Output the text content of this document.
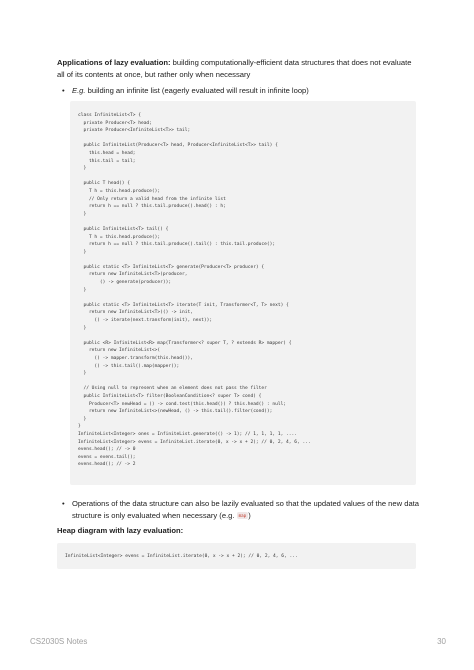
Applications of lazy evaluation: building computationally-efficient data structures that does not evaluate all of its contents at once, but rather only when necessary
• E.g. building an infinite list (eagerly evaluated will result in infinite loop)

class InfiniteList<T> {
private Producer<T> head;
private Producer<InfiniteList<T>> tail;

public InfiniteList(Producer<T> head, Producer<InfiniteList<T>> tail) {
this.head = head;
this.tail = tail;
}

public T head() {
T h = this.head.produce();
// Only return a valid head from the infinite list
return h == null ? this.tail.produce().head() : h;
}

public InfiniteList<T> tail() {
T h = this.head.produce();
return h == null ? this.tail.produce().tail() : this.tail.produce();
}

public static <T> InfiniteList<T> generate(Producer<T> producer) {
return new InfiniteList<T>(producer,
() -> generate(producer));
}

public static <T> InfiniteList<T> iterate(T init, Transformer<T, T> next) {
return new InfiniteList<T>(() -> init,
() -> iterate(next.transform(init), next));
}

public <R> InfiniteList<R> map(Transformer<? super T, ? extends R> mapper) {
return new InfiniteList<>(
() -> mapper.transform(this.head()),
() -> this.tail().map(mapper));
}

// Using null to represent when an element does not pass the filter
public InfiniteList<T> filter(BooleanCondition<? super T> cond) {
Producer<T> newHead = () -> cond.test(this.head()) ? this.head() : null;
return new InfiniteList<>(newHead, () -> this.tail().filter(cond));
}
}
InfiniteList<Integer> ones = InfiniteList.generate(() -> 1); // 1, 1, 1, 1, ....
InfiniteList<Integer> evens = InfiniteList.iterate(0, x -> x + 2); // 0, 2, 4, 6, ...
evens.head(); // -> 0
evens = evens.tail();
evens.head(); // -> 2

• Operations of the data structure can also be lazily evaluated so that the updated values of the new data structure is only evaluated when necessary (e.g. map )
Heap diagram with lazy evaluation:

InfiniteList<Integer> evens = InfiniteList.iterate(0, x -> x + 2); // 0, 2, 4, 6, ...

CS2030S Notes	30
